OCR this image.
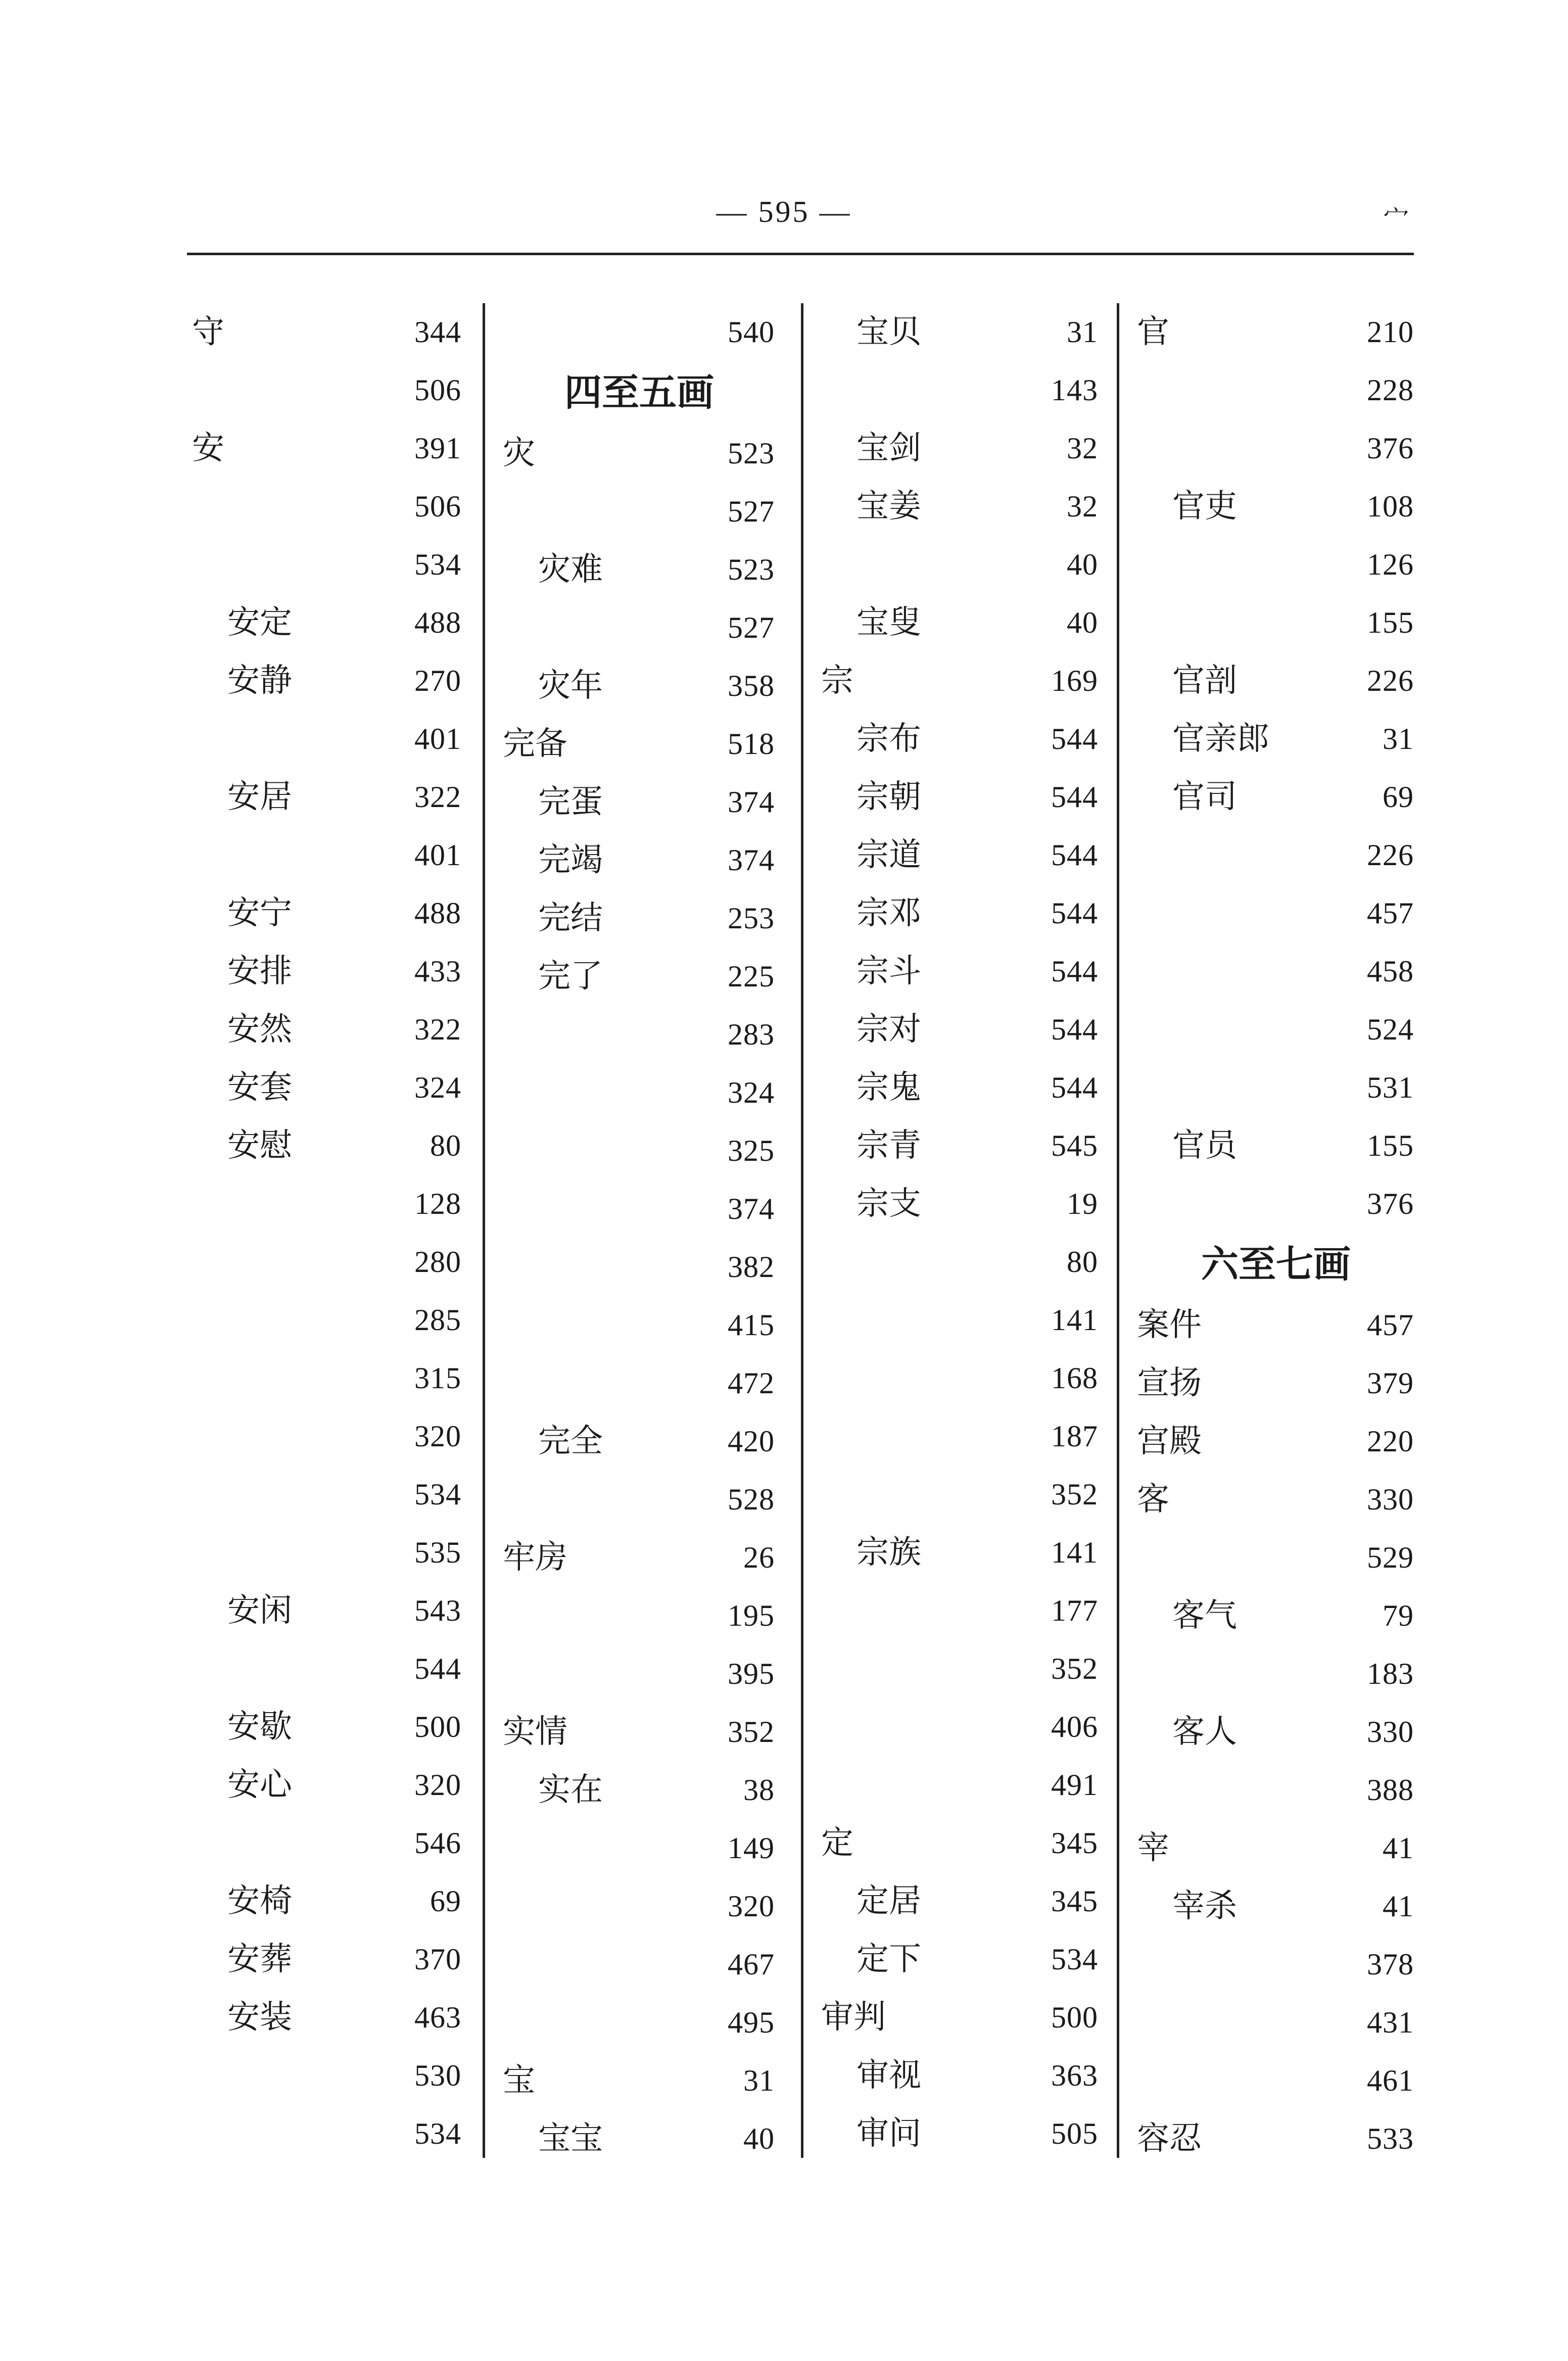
— 595 —	宀
守	344
506
安	391
506
534
安定	488
安静	270
401
安居	322
401
安宁	488
安排	433
安然	322
安套	324
安慰	80
128
280
285
315
320
534
535
安闲	543
544
安歇	500
安心	320
546
安椅	69
安葬	370
安装	463
530
534
540
四至五画
灾	523
527
灾难	523
527
灾年	358
完备	518
完蛋	374
完竭	374
完结	253
完了	225
283
324
325
374
382
415
472
完全	420
528
牢房	26
195
395
实情	352
实在	38
149
320
467
495
宝	31
宝宝	40
宝贝	31
143
宝剑	32
宝姜	32
40
宝叟	40
宗	169
宗布	544
宗朝	544
宗道	544
宗邓	544
宗斗	544
宗对	544
宗鬼	544
宗青	545
宗支	19
80
141
168
187
352
宗族	141
177
352
406
491
定	345
定居	345
定下	534
审判	500
审视	363
审问	505
官	210
228
376
官吏	108
126
155
官剖	226
官亲郎	31
官司	69
226
457
458
524
531
官员	155
376
六至七画
案件	457
宣扬	379
宫殿	220
客	330
529
客气	79
183
客人	330
388
宰	41
宰杀	41
378
431
461
容忍	533
